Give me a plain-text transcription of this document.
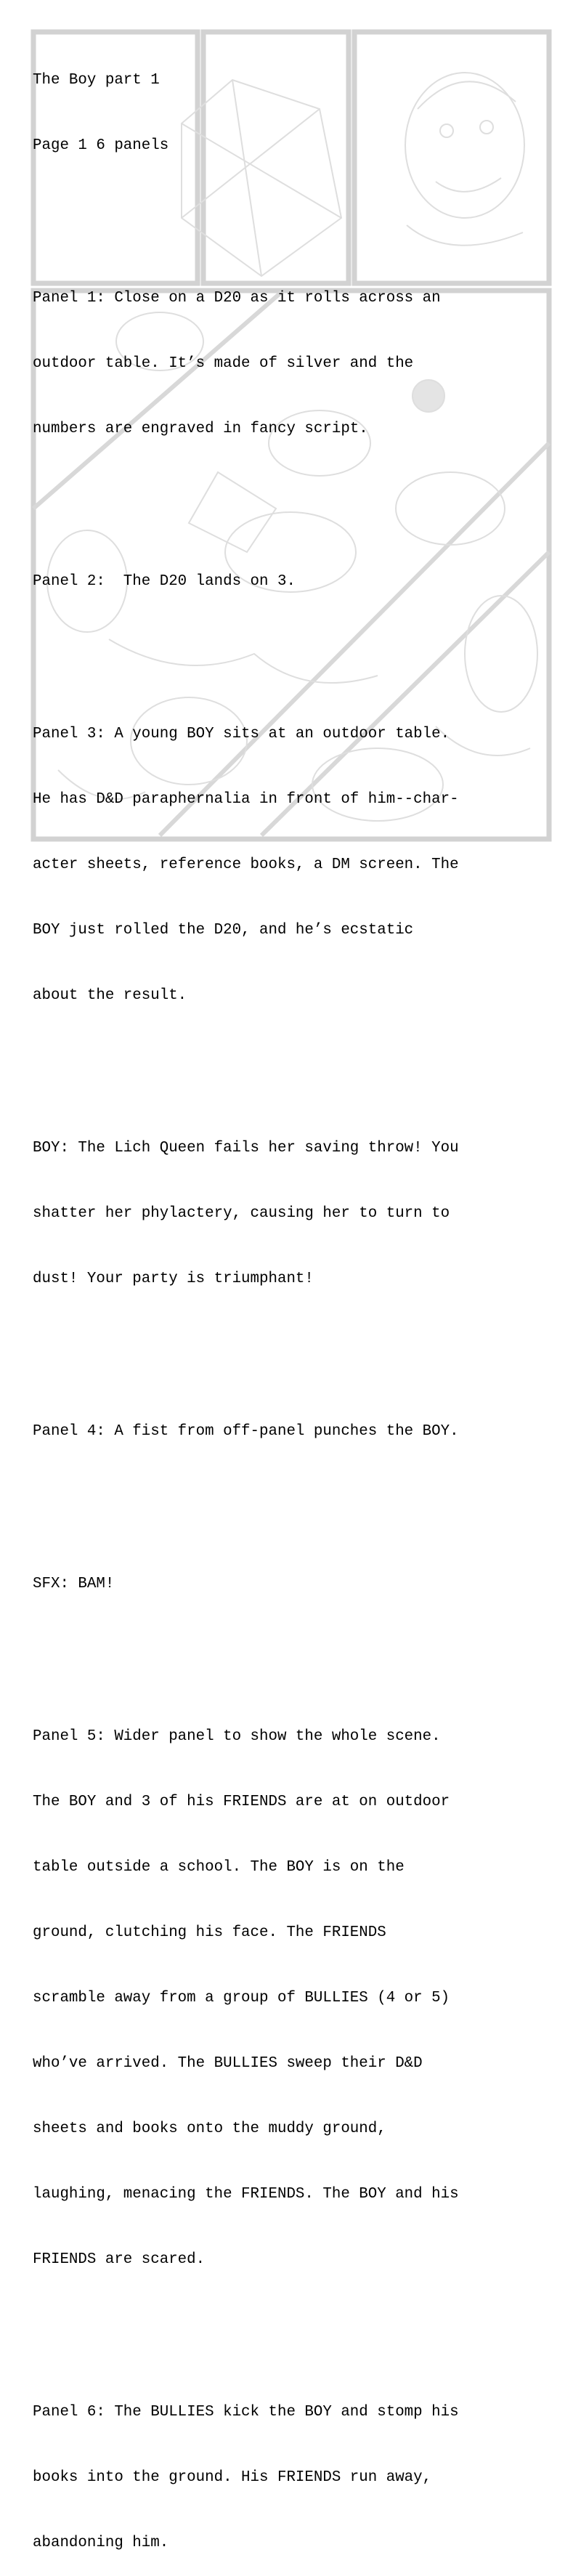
The Boy part 1

Page 1 6 panels

Panel 1: Close on a D20 as it rolls across an

outdoor table. It’s made of silver and the

numbers are engraved in fancy script.

Panel 2:  The D20 lands on 3.

Panel 3: A young BOY sits at an outdoor table.

He has D&D paraphernalia in front of him--char-

acter sheets, reference books, a DM screen. The

BOY just rolled the D20, and he’s ecstatic

about the result.

BOY: The Lich Queen fails her saving throw! You

shatter her phylactery, causing her to turn to

dust! Your party is triumphant!

Panel 4: A fist from off-panel punches the BOY.

SFX: BAM!

Panel 5: Wider panel to show the whole scene.

The BOY and 3 of his FRIENDS are at on outdoor

table outside a school. The BOY is on the

ground, clutching his face. The FRIENDS

scramble away from a group of BULLIES (4 or 5)

who’ve arrived. The BULLIES sweep their D&D

sheets and books onto the muddy ground,

laughing, menacing the FRIENDS. The BOY and his

FRIENDS are scared.

Panel 6: The BULLIES kick the BOY and stomp his

books into the ground. His FRIENDS run away,

abandoning him.
